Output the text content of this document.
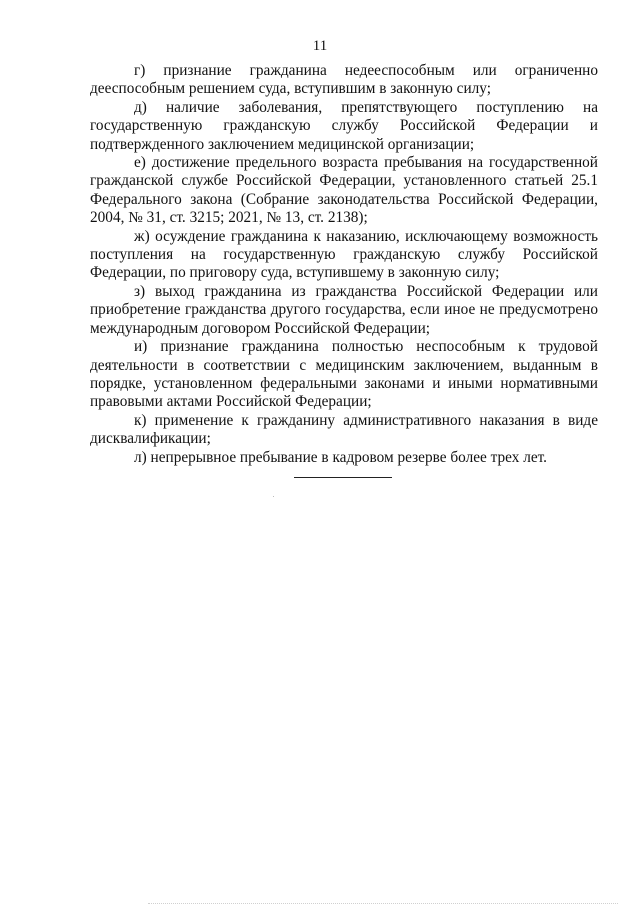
11

г) признание гражданина недееспособным или ограниченно дееспособным решением суда, вступившим в законную силу;

д) наличие заболевания, препятствующего поступлению на государственную гражданскую службу Российской Федерации и подтвержденного заключением медицинской организации;

е) достижение предельного возраста пребывания на государственной гражданской службе Российской Федерации, установленного статьей 25.1 Федерального закона (Собрание законодательства Российской Федерации, 2004, № 31, ст. 3215; 2021, № 13, ст. 2138);

ж) осуждение гражданина к наказанию, исключающему возможность поступления на государственную гражданскую службу Российской Федерации, по приговору суда, вступившему в законную силу;

з) выход гражданина из гражданства Российской Федерации или приобретение гражданства другого государства, если иное не предусмотрено международным договором Российской Федерации;

и) признание гражданина полностью неспособным к трудовой деятельности в соответствии с медицинским заключением, выданным в порядке, установленном федеральными законами и иными нормативными правовыми актами Российской Федерации;

к) применение к гражданину административного наказания в виде дисквалификации;

л) непрерывное пребывание в кадровом резерве более трех лет.
